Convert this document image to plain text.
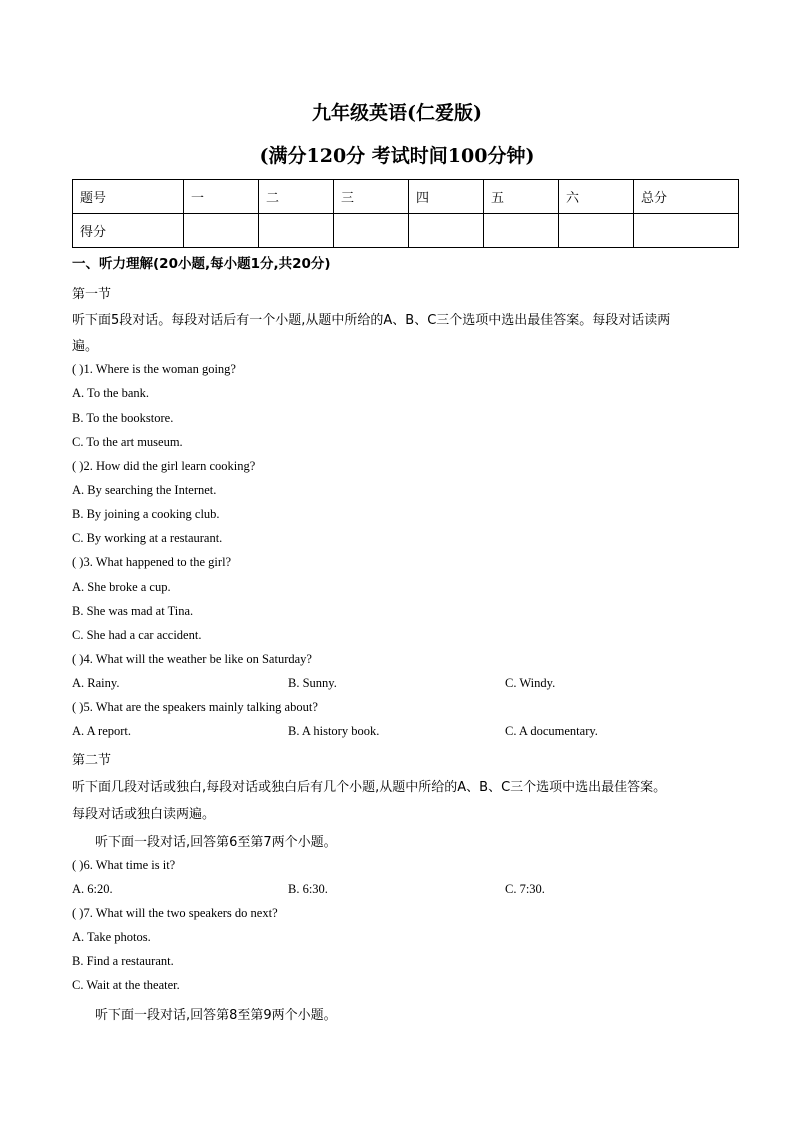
九年级英语(仁爱版)
(满分120分 考试时间100分钟)
题号	一	二	三	四	五	六	总分
得分							
一、听力理解(20小题,每小题1分,共20分)
第一节
听下面5段对话。每段对话后有一个小题,从题中所给的A、B、C三个选项中选出最佳答案。每段对话读两
遍。
( )1. Where is the woman going?
A. To the bank.
B. To the bookstore.
C. To the art museum.
( )2. How did the girl learn cooking?
A. By searching the Internet.
B. By joining a cooking club.
C. By working at a restaurant.
( )3. What happened to the girl?
A. She broke a cup.
B. She was mad at Tina.
C. She had a car accident.
( )4. What will the weather be like on Saturday?
A. Rainy.	B. Sunny.	C. Windy.
( )5. What are the speakers mainly talking about?
A. A report.	B. A history book.	C. A documentary.
第二节
听下面几段对话或独白,每段对话或独白后有几个小题,从题中所给的A、B、C三个选项中选出最佳答案。
每段对话或独白读两遍。
听下面一段对话,回答第6至第7两个小题。
( )6. What time is it?
A. 6:20.	B. 6:30.	C. 7:30.
( )7. What will the two speakers do next?
A. Take photos.
B. Find a restaurant.
C. Wait at the theater.
听下面一段对话,回答第8至第9两个小题。
